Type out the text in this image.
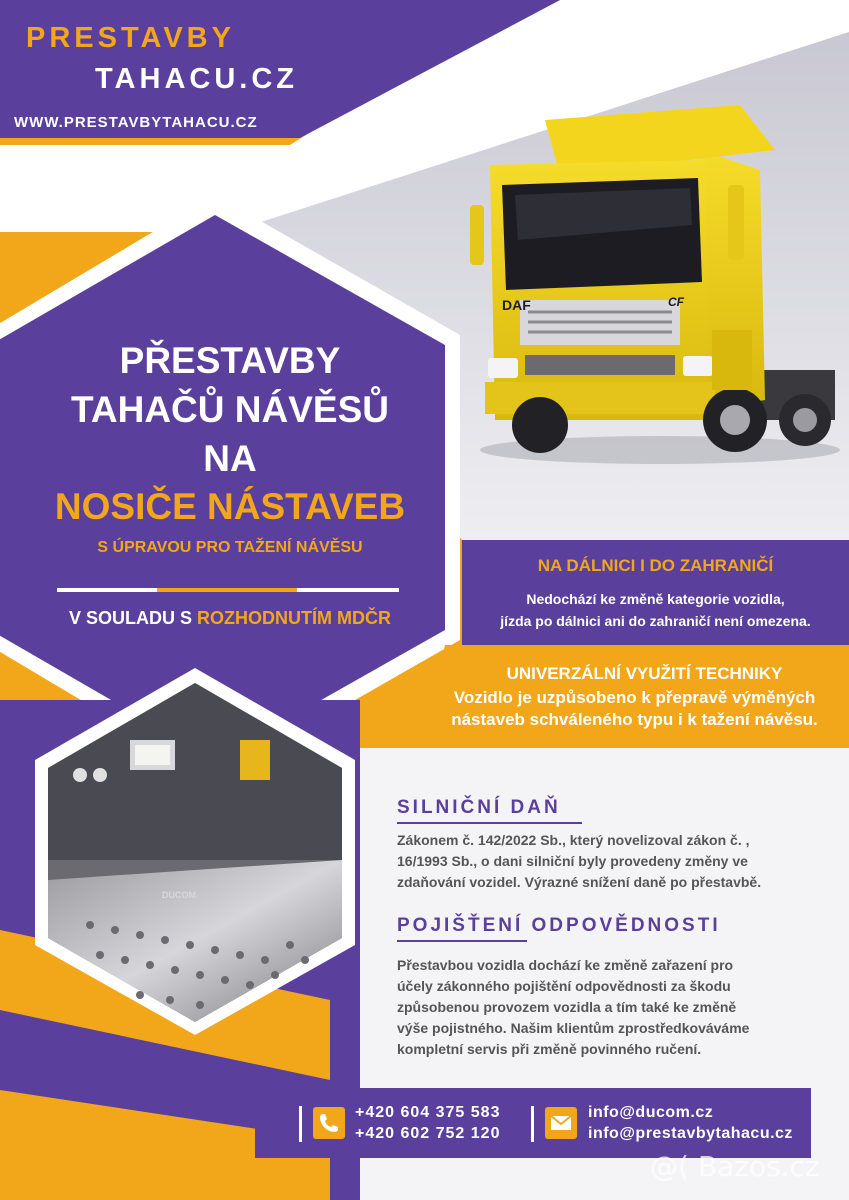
DAF	CF
DUCOM
PRESTAVBY
TAHACU.CZ
WWW.PRESTAVBYTAHACU.CZ
PŘESTAVBY
TAHAČŮ NÁVĚSŮ
NA
NOSIČE NÁSTAVEB
S ÚPRAVOU PRO TAŽENÍ NÁVĚSU
V SOULADU S ROZHODNUTÍM MDČR
NA DÁLNICI I DO ZAHRANIČÍ
Nedochází ke změně kategorie vozidla,
jízda po dálnici ani do zahraničí není omezena.
UNIVERZÁLNÍ VYUŽITÍ TECHNIKY
Vozidlo je uzpůsobeno k přepravě výměných
nástaveb schváleného typu i k tažení návěsu.
SILNIČNÍ DAŇ
Zákonem č. 142/2022 Sb., který novelizoval zákon č. ,
16/1993 Sb., o dani silniční byly provedeny změny ve
zdaňování vozidel. Výrazné snížení daně po přestavbě.
POJIŠŤENÍ ODPOVĚDNOSTI
Přestavbou vozidla dochází ke změně zařazení pro
účely zákonného pojištění odpovědnosti za škodu
způsobenou provozem vozidla a tím také ke změně
výše pojistného. Našim klientům zprostředkováváme
kompletní servis při změně povinného ručení.
+420 604 375 583
+420 602 752 120
info@ducom.cz
info@prestavbytahacu.cz
@( Bazos.cz
